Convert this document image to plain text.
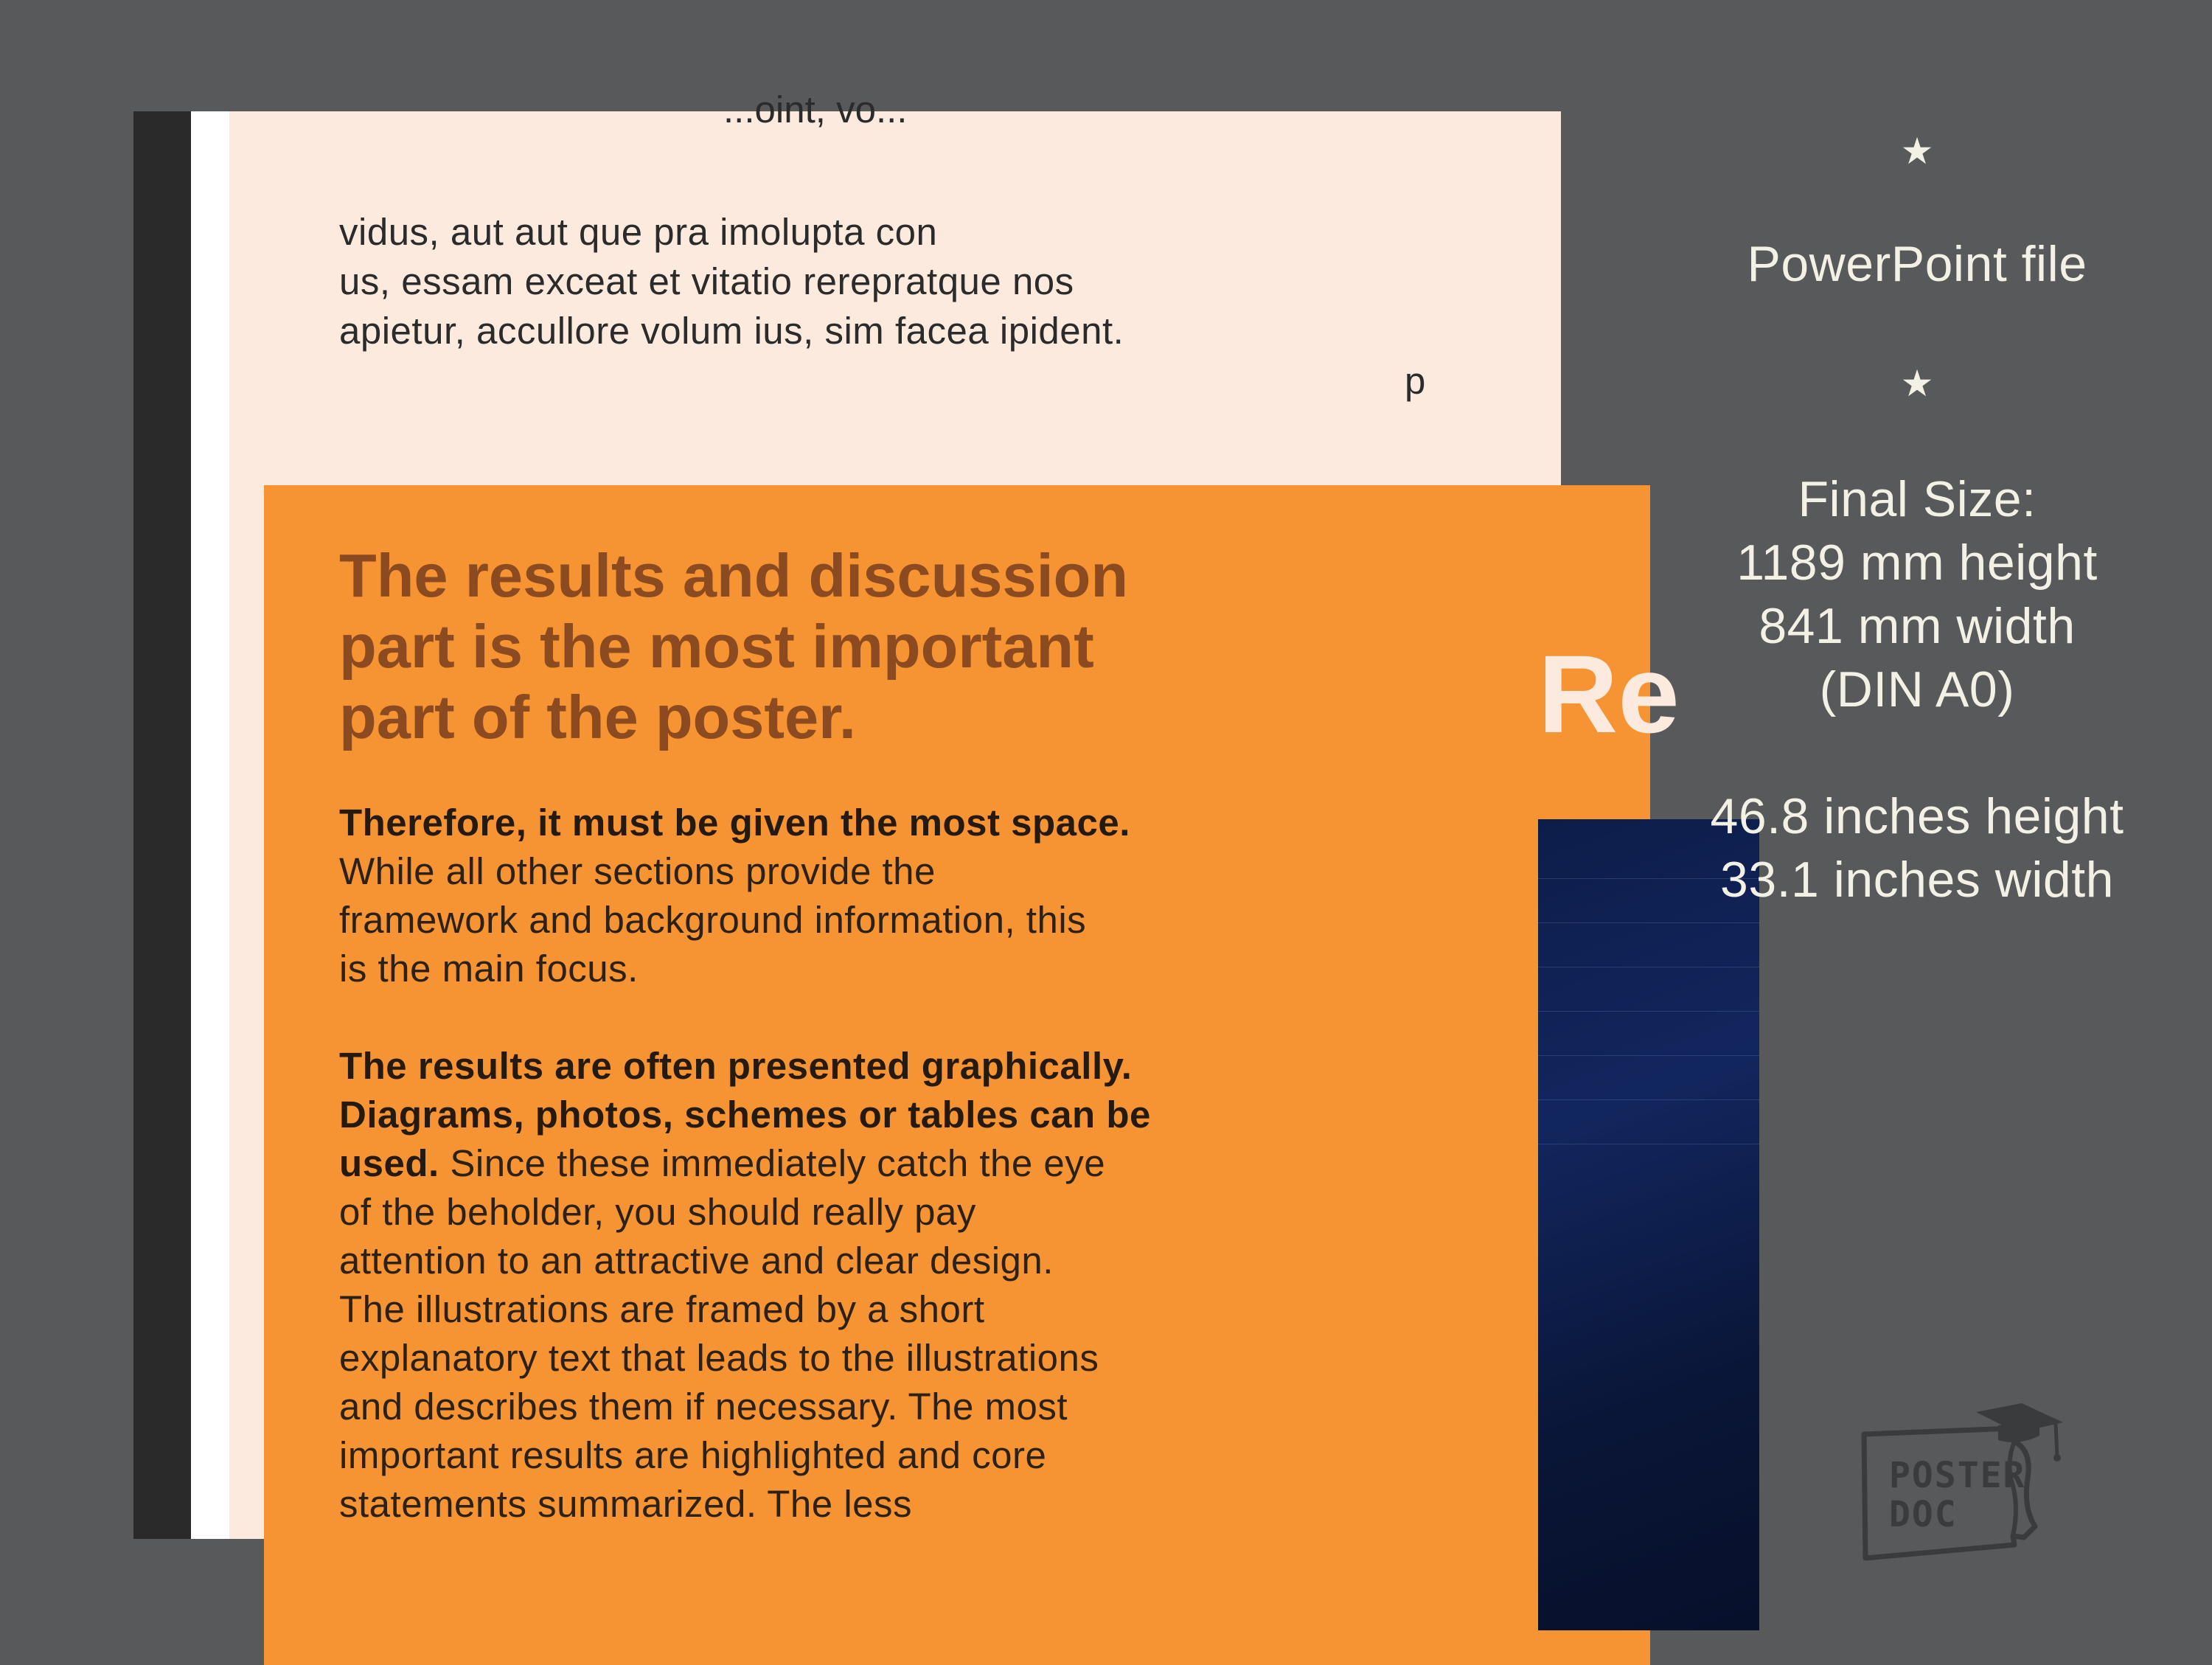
...oint, vo...

vidus, aut aut que pra imolupta con
us, essam exceat et vitatio rerepratque nos
apietur, accullore volum ius, sim facea ipident.

p

The results and discussion
part is the most important
part of the poster.

Therefore, it must be given the most space.
While all other sections provide the
framework and background information, this
is the main focus.

The results are often presented graphically.
Diagrams, photos, schemes or tables can be
used. Since these immediately catch the eye
of the beholder, you should really pay
attention to an attractive and clear design.
The illustrations are framed by a short
explanatory text that leads to the illustrations
and describes them if necessary. The most
important results are highlighted and core
statements summarized. The less

Re

★

PowerPoint file

★

Final Size:

1189 mm height

841 mm width

(DIN A0)

46.8 inches height

33.1 inches width

POSTER

DOC
